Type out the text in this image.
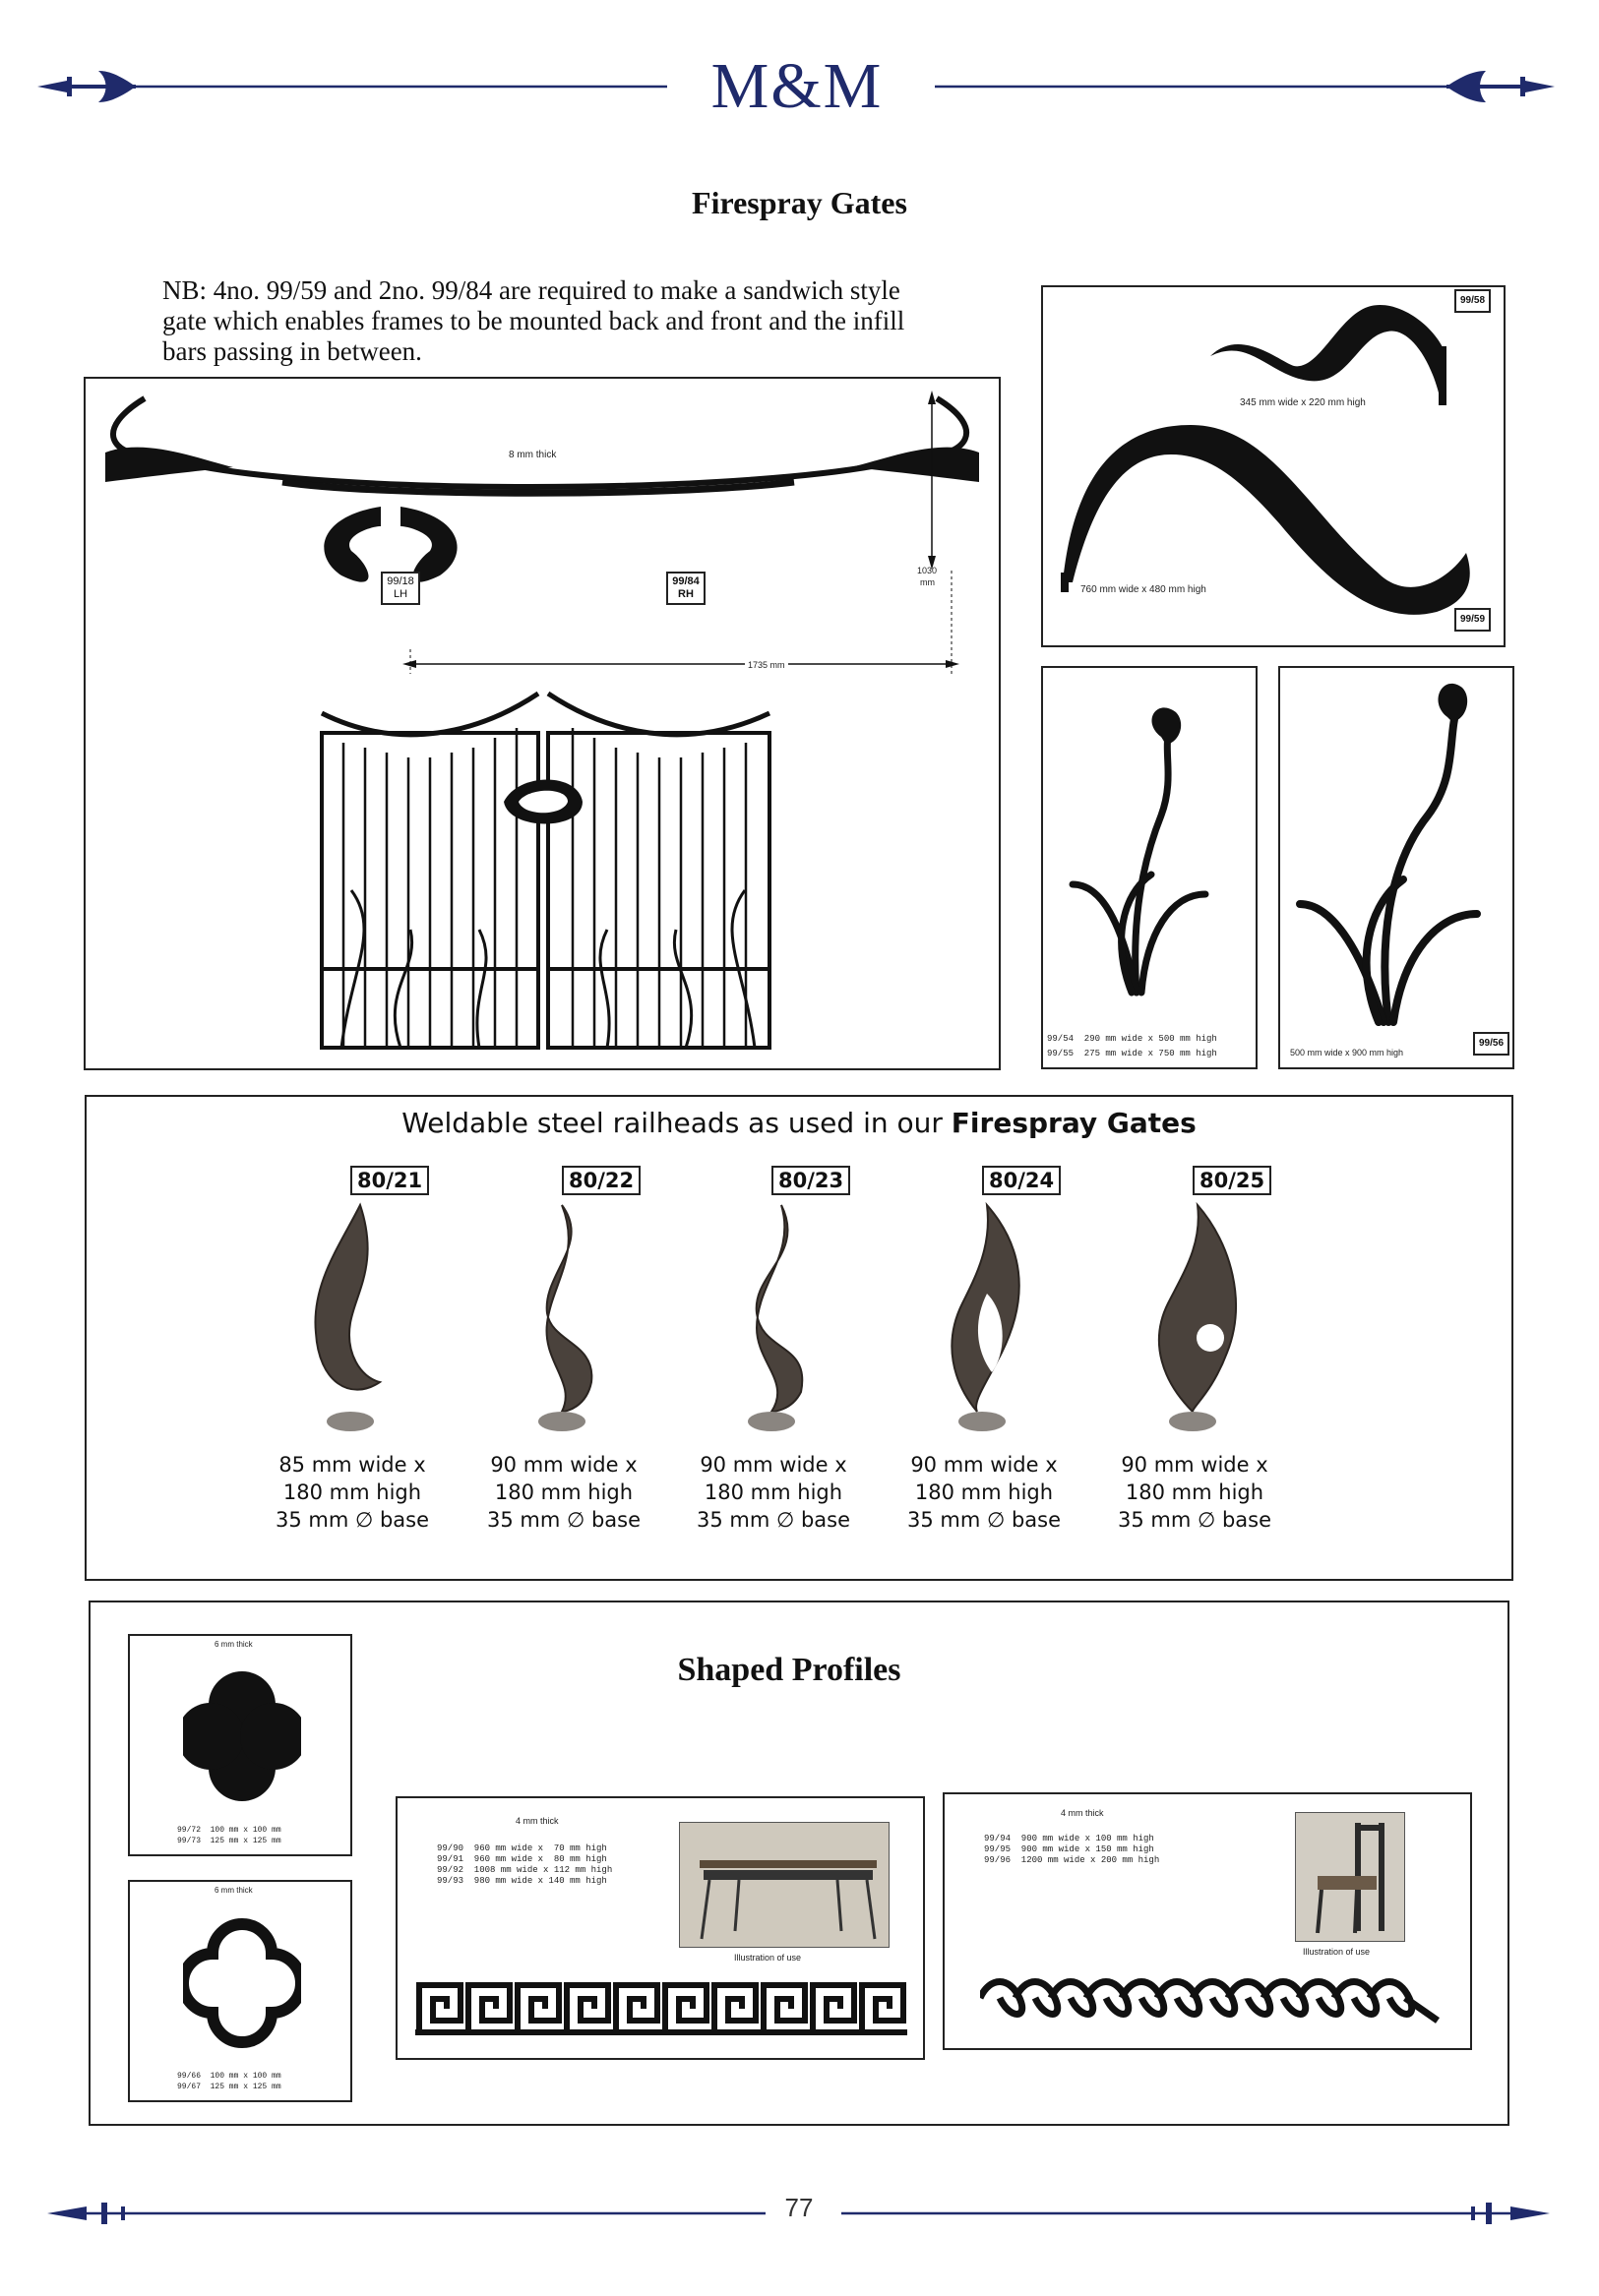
M&M
Firespray Gates
NB: 4no. 99/59 and 2no. 99/84 are required to make a sandwich style gate which enables frames to be mounted back and front and the infill bars passing in between.
8 mm thick
99/18
LH
99/84
RH
1030
mm
1735 mm
99/58
345 mm wide x 220 mm high
760 mm wide x 480 mm high
99/59
99/54  290 mm wide x 500 mm high
99/55  275 mm wide x 750 mm high	500 mm wide x 900 mm high
99/56
Weldable steel railheads as used in our Firespray Gates
80/21
85 mm wide x
180 mm high
35 mm ∅ base
80/22
90 mm wide x
180 mm high
35 mm ∅ base
80/23
90 mm wide x
180 mm high
35 mm ∅ base
80/24
90 mm wide x
180 mm high
35 mm ∅ base
80/25
90 mm wide x
180 mm high
35 mm ∅ base
Shaped Profiles
6 mm thick
99/72  100 mm x 100 mm
99/73  125 mm x 125 mm
6 mm thick
99/66  100 mm x 100 mm
99/67  125 mm x 125 mm
4 mm thick
99/90  960 mm wide x  70 mm high
99/91  960 mm wide x  80 mm high
99/92  1008 mm wide x 112 mm high
99/93  980 mm wide x 140 mm high
Illustration of use
4 mm thick
99/94  900 mm wide x 100 mm high
99/95  900 mm wide x 150 mm high
99/96  1200 mm wide x 200 mm high
Illustration of use
77
